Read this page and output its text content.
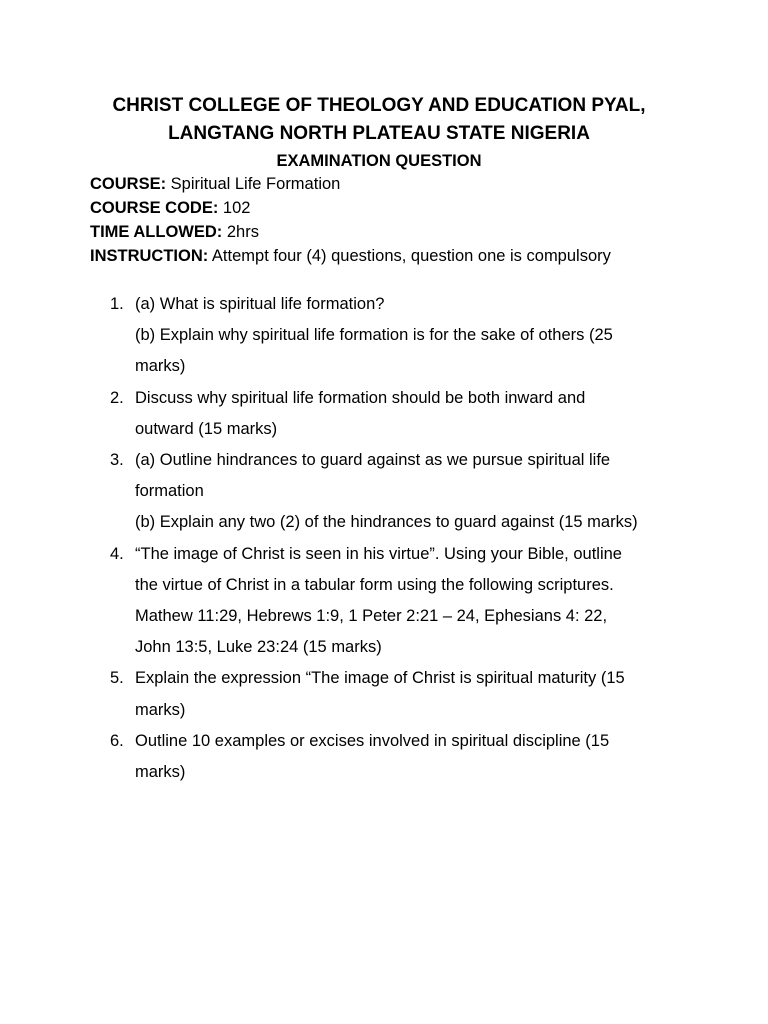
CHRIST COLLEGE OF THEOLOGY AND EDUCATION PYAL,
LANGTANG NORTH PLATEAU STATE NIGERIA
EXAMINATION QUESTION
COURSE: Spiritual Life Formation
COURSE CODE: 102
TIME ALLOWED: 2hrs
INSTRUCTION: Attempt four (4) questions, question one is compulsory
1. (a) What is spiritual life formation?
(b) Explain why spiritual life formation is for the sake of others (25
marks)
2. Discuss why spiritual life formation should be both inward and
outward (15 marks)
3. (a) Outline hindrances to guard against as we pursue spiritual life
formation
(b) Explain any two (2) of the hindrances to guard against (15 marks)
4. “The image of Christ is seen in his virtue”. Using your Bible, outline
the virtue of Christ in a tabular form using the following scriptures.
Mathew 11:29, Hebrews 1:9, 1 Peter 2:21 – 24, Ephesians 4: 22,
John 13:5, Luke 23:24 (15 marks)
5. Explain the expression “The image of Christ is spiritual maturity (15
marks)
6. Outline 10 examples or excises involved in spiritual discipline (15
marks)
